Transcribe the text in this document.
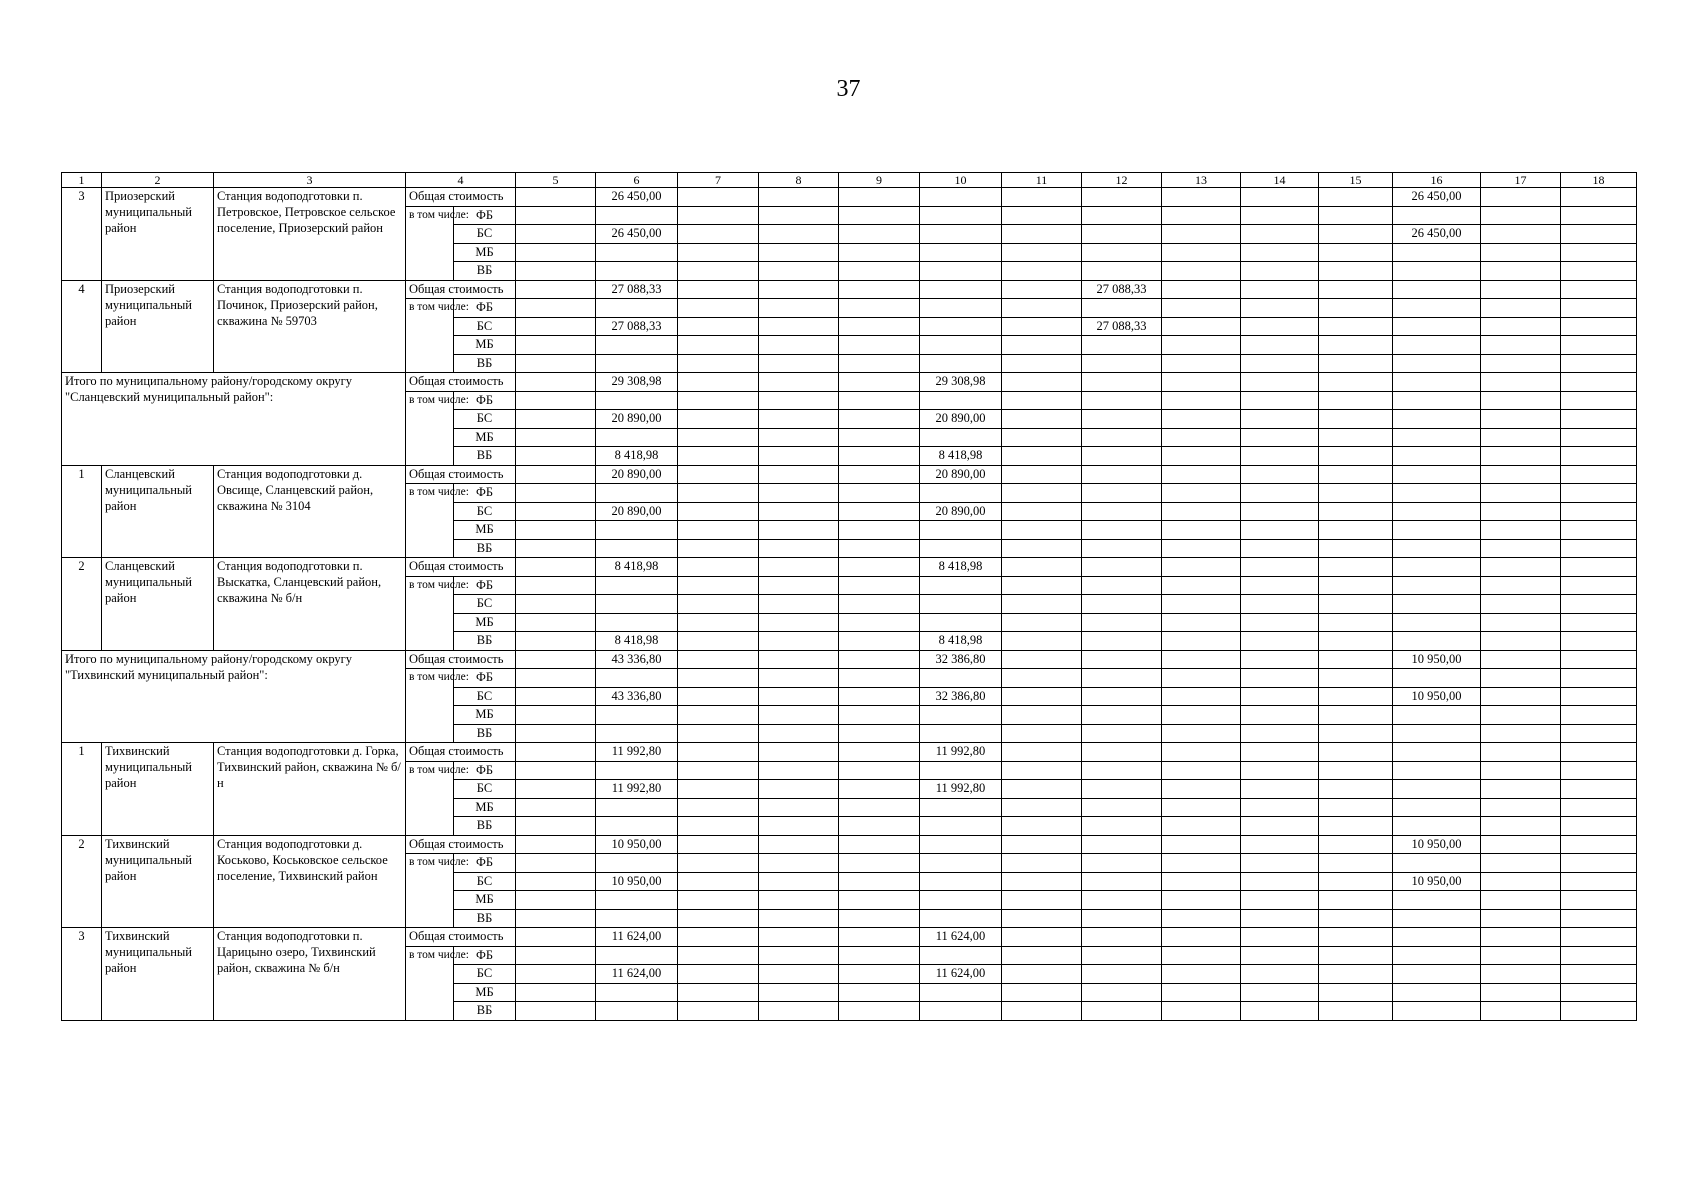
37
1	2	3	4		5	6	7	8	9	10	11	12	13	14	15	16	17	18
3	Приозерский муниципальный район	Станция водоподготовки п. Петровское, Петровское сельское поселение, Приозерский район	Общая стоимость			26 450,00										26 450,00		
			в том числе:	ФБ														
				БС		26 450,00										26 450,00		
				МБ														
				ВБ														
4	Приозерский муниципальный район	Станция водоподготовки п. Починок, Приозерский район, скважина № 59703	Общая стоимость			27 088,33						27 088,33						
			в том числе:	ФБ														
				БС		27 088,33						27 088,33						
				МБ														
				ВБ														
Итого по муниципальному району/городскому округу "Сланцевский муниципальный район":			Общая стоимость			29 308,98				29 308,98								
			в том числе:	ФБ														
				БС		20 890,00				20 890,00								
				МБ														
				ВБ		8 418,98				8 418,98								
1	Сланцевский муниципальный район	Станция водоподготовки д. Овсище, Сланцевский район, скважина № 3104	Общая стоимость			20 890,00				20 890,00								
			в том числе:	ФБ														
				БС		20 890,00				20 890,00								
				МБ														
				ВБ														
2	Сланцевский муниципальный район	Станция водоподготовки п. Выскатка, Сланцевский район, скважина № б/н	Общая стоимость			8 418,98				8 418,98								
			в том числе:	ФБ														
				БС														
				МБ														
				ВБ		8 418,98				8 418,98								
Итого по муниципальному району/городскому округу "Тихвинский муниципальный район":			Общая стоимость			43 336,80				32 386,80						10 950,00		
			в том числе:	ФБ														
				БС		43 336,80				32 386,80						10 950,00		
				МБ														
				ВБ														
1	Тихвинский муниципальный район	Станция водоподготовки д. Горка, Тихвинский район, скважина № б/н	Общая стоимость			11 992,80				11 992,80								
			в том числе:	ФБ														
				БС		11 992,80				11 992,80								
				МБ														
				ВБ														
2	Тихвинский муниципальный район	Станция водоподготовки д. Коськово, Коськовское сельское поселение, Тихвинский район	Общая стоимость			10 950,00										10 950,00		
			в том числе:	ФБ														
				БС		10 950,00										10 950,00		
				МБ														
				ВБ														
3	Тихвинский муниципальный район	Станция водоподготовки п. Царицыно озеро, Тихвинский район, скважина № б/н	Общая стоимость			11 624,00				11 624,00								
			в том числе:	ФБ														
				БС		11 624,00				11 624,00								
				МБ														
				ВБ														
